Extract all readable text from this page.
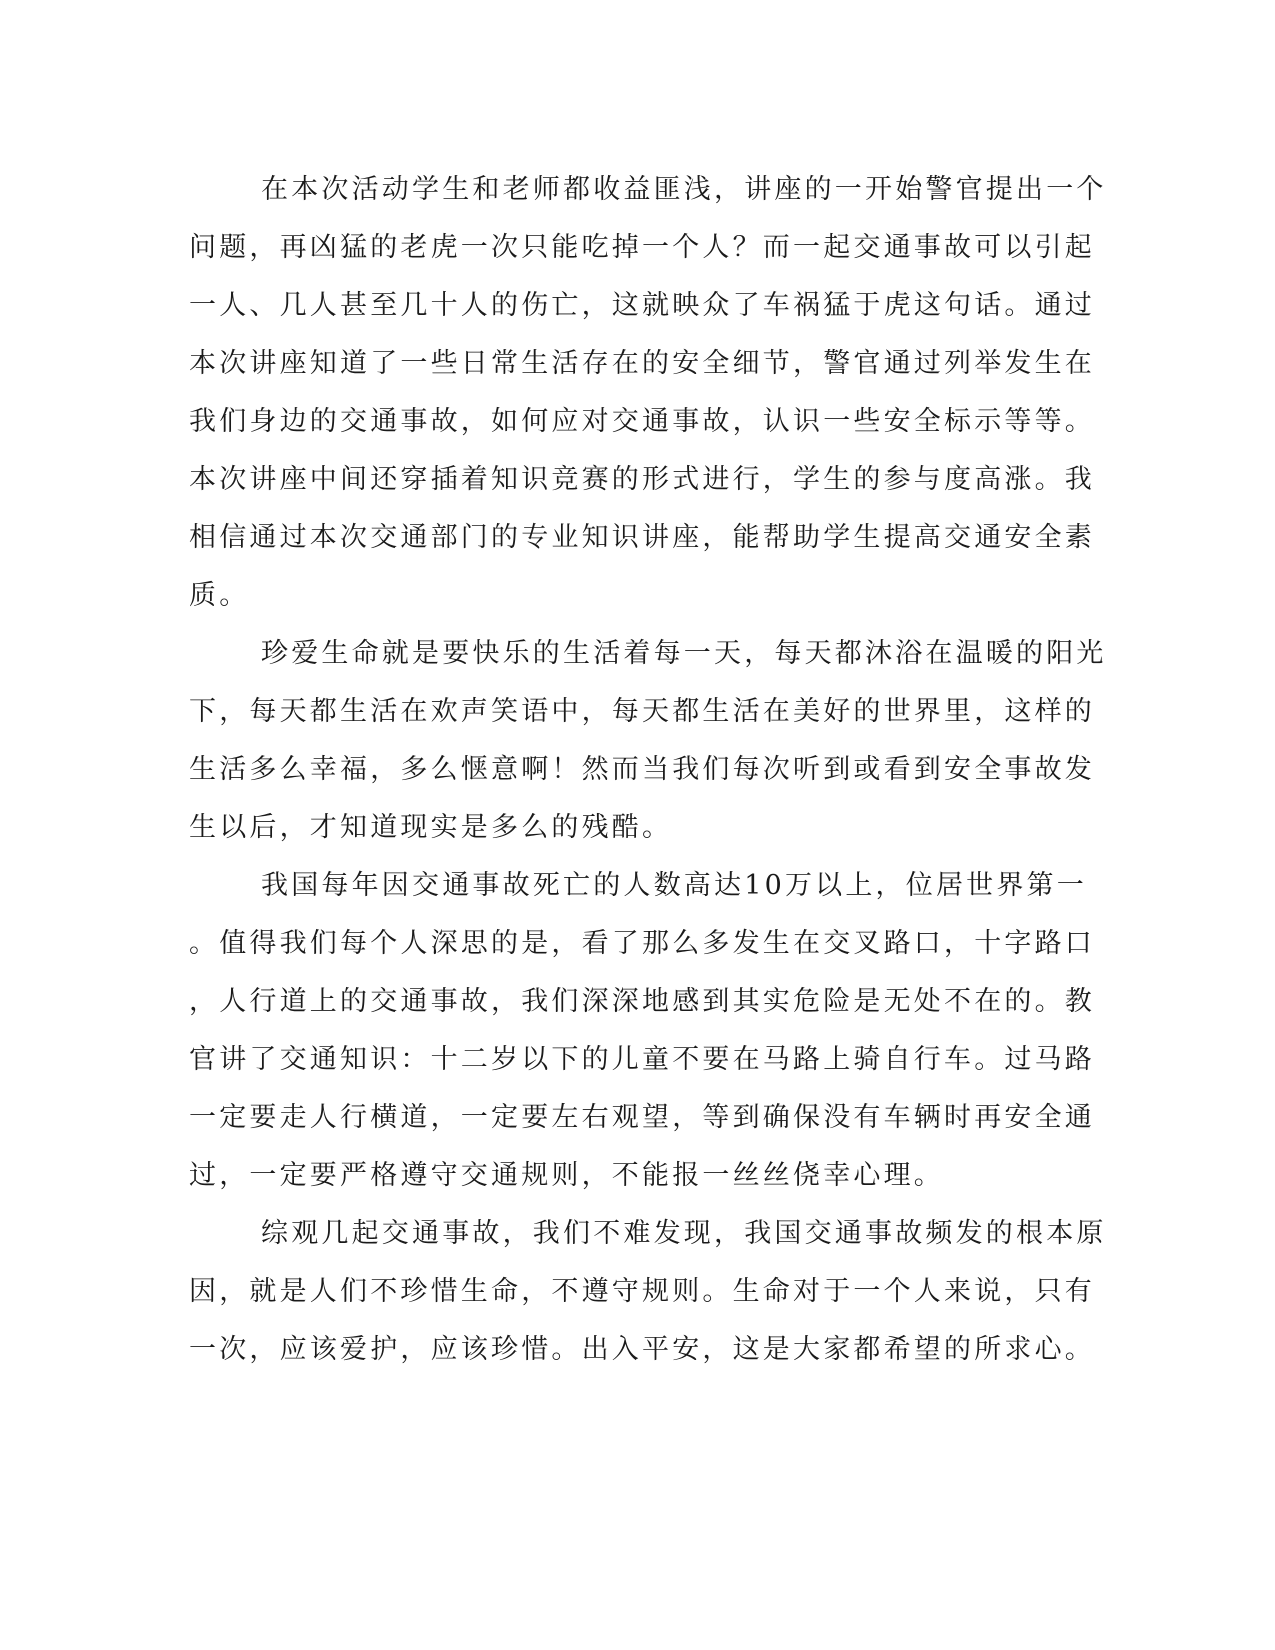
在本次活动学生和老师都收益匪浅，讲座的一开始警官提出一个
问题，再凶猛的老虎一次只能吃掉一个人？而一起交通事故可以引起
一人、几人甚至几十人的伤亡，这就映众了车祸猛于虎这句话。通过
本次讲座知道了一些日常生活存在的安全细节，警官通过列举发生在
我们身边的交通事故，如何应对交通事故，认识一些安全标示等等。
本次讲座中间还穿插着知识竞赛的形式进行，学生的参与度高涨。我
相信通过本次交通部门的专业知识讲座，能帮助学生提高交通安全素
质。
珍爱生命就是要快乐的生活着每一天，每天都沐浴在温暖的阳光
下，每天都生活在欢声笑语中，每天都生活在美好的世界里，这样的
生活多么幸福，多么惬意啊！然而当我们每次听到或看到安全事故发
生以后，才知道现实是多么的残酷。
我国每年因交通事故死亡的人数高达10万以上，位居世界第一
。值得我们每个人深思的是，看了那么多发生在交叉路口，十字路口
，人行道上的交通事故，我们深深地感到其实危险是无处不在的。教
官讲了交通知识：十二岁以下的儿童不要在马路上骑自行车。过马路
一定要走人行横道，一定要左右观望，等到确保没有车辆时再安全通
过，一定要严格遵守交通规则，不能报一丝丝侥幸心理。
综观几起交通事故，我们不难发现，我国交通事故频发的根本原
因，就是人们不珍惜生命，不遵守规则。生命对于一个人来说，只有
一次，应该爱护，应该珍惜。出入平安，这是大家都希望的所求心。
